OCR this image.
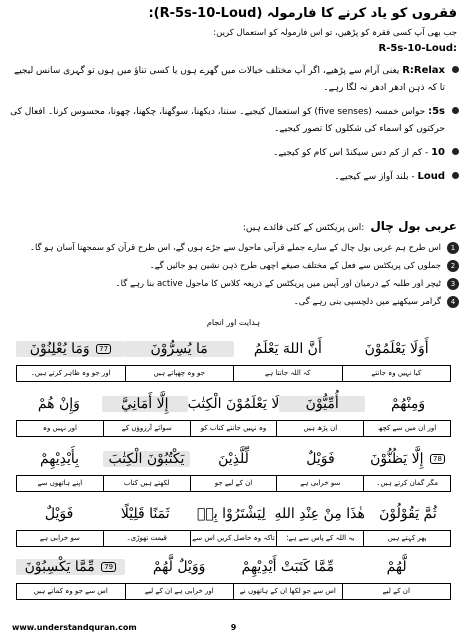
فقروں کو یاد کرنے کا فارمولہ (R-5s-10-Loud):
جب بھی آپ کسی فقرہ کو پڑھیں، تو اس فارمولہ کو استعمال کریں:
R-5s-10-Loud:
R:Relax یعنی آرام سے پڑھیے، اگر آپ مختلف خیالات میں گھرے ہوں یا کسی تناؤ میں ہوں تو گہری سانس لیجیے تا کہ ذہن ادھر ادھر نہ لگا رہے۔
5s: حواس خمسہ (five senses) کو استعمال کیجیے۔ سننا، دیکھنا، سوگھنا، چکھنا، چھونا، محسوس کرنا۔ افعال کی حرکتوں کو اسماء کی شکلوں کا تصور کیجیے۔
10 - کم از کم دس سیکنڈ اس کام کو کیجیے۔
Loud - بلند آواز سے کیجیے۔
عربی بول چال:اس پریکٹس کے کئی فائدے ہیں:
1
اس طرح ہم عربی بول چال کے سارے جملے قرآنی ماحول سے جڑے ہوں گے، اس طرح قرآن کو سمجھنا آسان ہو گا۔
2
جملوں کی پریکٹس سے فعل کے مختلف صیغے اچھی طرح ذہن نشین ہو جائیں گے۔
3
ٹیچر اور طلبہ کے درمیان اور آپس میں پریکٹس کے ذریعہ کلاس کا ماحول active بنا رہے گا۔
4
گرامر سیکھنے میں دلچسپی بنی رہے گی۔
ہدایت اور انجام
أَوَلَا يَعْلَمُوْنَ
أَنَّ اللهَ يَعْلَمُ
مَا يُسِرُّوْنَ
وَمَا يُعْلِنُوْنَ 77
کیا نہیں وہ جانتے
کہ اللہ جانتا ہے
جو وہ چھپاتے ہیں
اور جو وہ ظاہر کرتے ہیں۔
وَمِنْهُمْ
أُمِّيُّوْنَ
لَا يَعْلَمُوْنَ الْكِتٰبَ
إِلَّا أَمَانِيَّ
وَإِنْ هُمْ
اور ان میں سے کچھ
ان پڑھ ہیں
وہ نہیں جانتے کتاب کو
سوائے آرزوؤں کے
اور نہیں وہ
إِلَّا يَظُنُّوْنَ 78
فَوَيْلٌ
لِّلَّذِيْنَ
يَكْتُبُوْنَ الْكِتٰبَ
بِأَيْدِيْهِمْ
مگر گمان کرتے ہیں۔
سو خرابی ہے
ان کے لیے جو
لکھتے ہیں کتاب
اپنے ہاتھوں سے
ثُمَّ يَقُوْلُوْنَ
هٰذَا مِنْ عِنْدِ اللهِ
لِيَشْتَرُوْا بِهٖ
ثَمَنًا قَلِيْلًا
فَوَيْلٌ
پھر کہتے ہیں
یہ اللہ کے پاس سے ہے؛
تاکہ وہ حاصل کریں اس سے
قیمت تھوڑی۔
سو خرابی ہے
لَّهُمْ
مِّمَّا كَتَبَتْ أَيْدِيْهِمْ
وَوَيْلٌ لَّهُمْ
مِّمَّا يَكْسِبُوْنَ 79
ان کے لیے
اس سے جو لکھا ان کے ہاتھوں نے
اور خرابی ہے ان کے لیے
اس سے جو وہ کماتے ہیں
www.understandquran.com	9
